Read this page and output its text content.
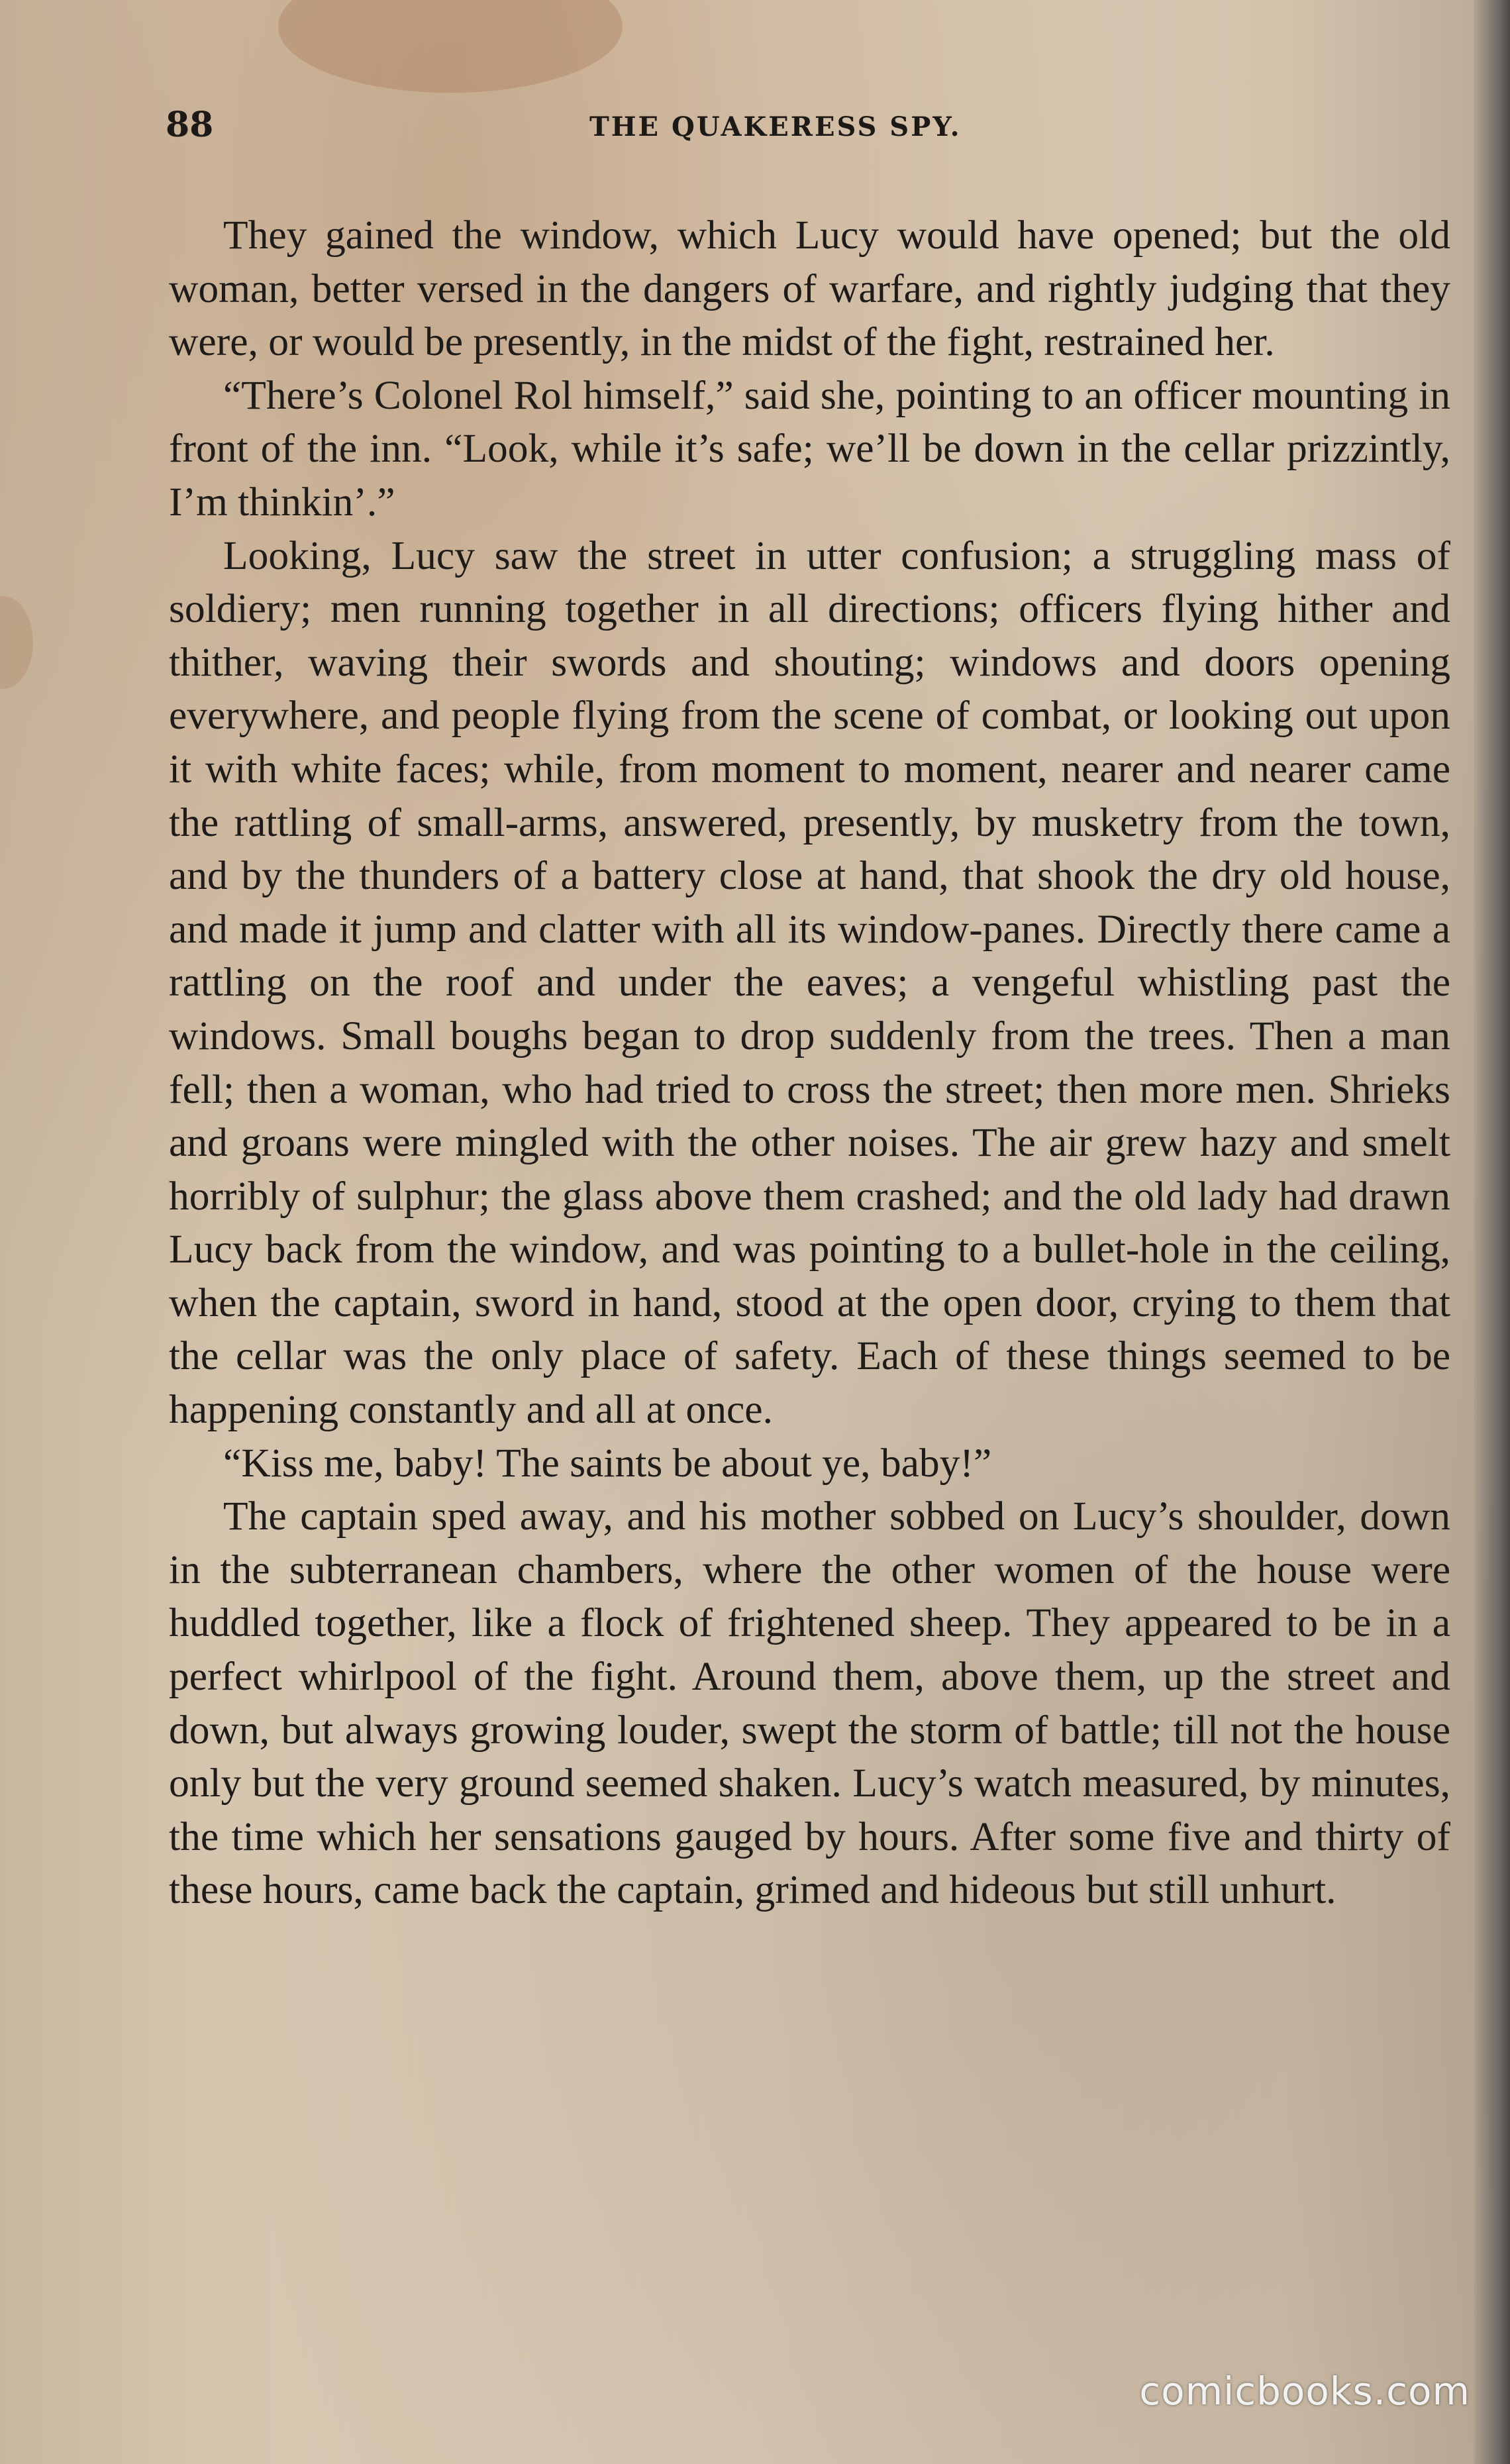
88	THE QUAKERESS SPY.

They gained the window, which Lucy would have opened; but the old woman, better versed in the dangers of warfare, and rightly judging that they were, or would be presently, in the midst of the fight, restrained her.

“There’s Colonel Rol himself,” said she, pointing to an officer mounting in front of the inn. “Look, while it’s safe; we’ll be down in the cellar prizzintly, I’m thinkin’.”

Looking, Lucy saw the street in utter confusion; a struggling mass of soldiery; men running together in all directions; officers flying hither and thither, waving their swords and shouting; windows and doors opening everywhere, and people flying from the scene of combat, or looking out upon it with white faces; while, from moment to moment, nearer and nearer came the rattling of small-arms, answered, presently, by musketry from the town, and by the thunders of a battery close at hand, that shook the dry old house, and made it jump and clatter with all its window-panes. Directly there came a rattling on the roof and under the eaves; a vengeful whistling past the windows. Small boughs began to drop suddenly from the trees. Then a man fell; then a woman, who had tried to cross the street; then more men. Shrieks and groans were mingled with the other noises. The air grew hazy and smelt horribly of sulphur; the glass above them crashed; and the old lady had drawn Lucy back from the window, and was pointing to a bullet-hole in the ceiling, when the captain, sword in hand, stood at the open door, crying to them that the cellar was the only place of safety. Each of these things seemed to be happening constantly and all at once.

“Kiss me, baby! The saints be about ye, baby!”

The captain sped away, and his mother sobbed on Lucy’s shoulder, down in the subterranean chambers, where the other women of the house were huddled together, like a flock of frightened sheep. They appeared to be in a perfect whirlpool of the fight. Around them, above them, up the street and down, but always growing louder, swept the storm of battle; till not the house only but the very ground seemed shaken. Lucy’s watch measured, by minutes, the time which her sensations gauged by hours. After some five and thirty of these hours, came back the captain, grimed and hideous but still unhurt.

comicbooks.com
